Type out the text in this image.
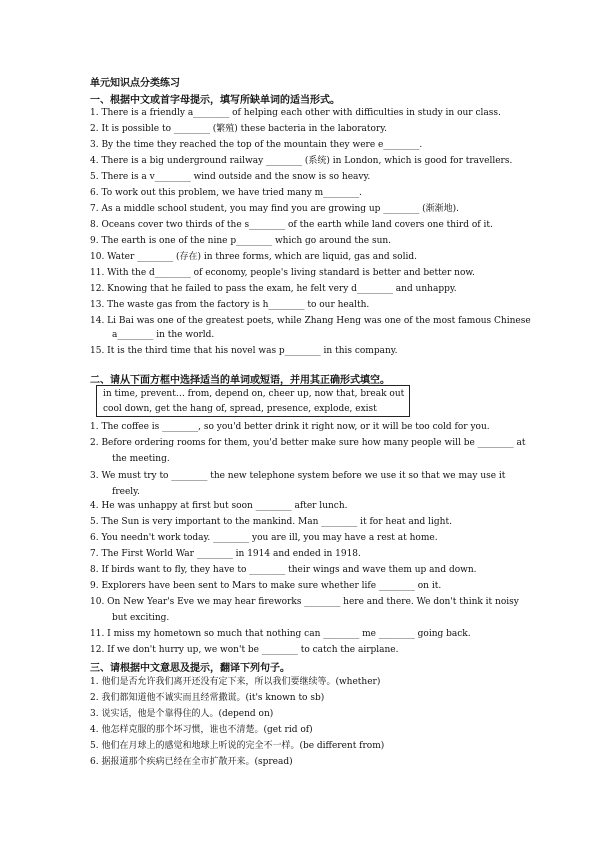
单元知识点分类练习
一、根据中文或首字母提示，填写所缺单词的适当形式。
1. There is a friendly a________ of helping each other with difficulties in study in our class.
2. It is possible to ________ (繁殖) these bacteria in the laboratory.
3. By the time they reached the top of the mountain they were e________.
4. There is a big underground railway ________ (系统) in London, which is good for travellers.
5. There is a v________ wind outside and the snow is so heavy.
6. To work out this problem, we have tried many m________.
7. As a middle school student, you may find you are growing up ________ (渐渐地).
8. Oceans cover two thirds of the s________ of the earth while land covers one third of it.
9. The earth is one of the nine p________ which go around the sun.
10. Water ________ (存在) in three forms, which are liquid, gas and solid.
11. With the d________ of economy, people's living standard is better and better now.
12. Knowing that he failed to pass the exam, he felt very d________ and unhappy.
13. The waste gas from the factory is h________ to our health.
14. Li Bai was one of the greatest poets, while Zhang Heng was one of the most famous Chinese
a________ in the world.
15. It is the third time that his novel was p________ in this company.
二、请从下面方框中选择适当的单词或短语，并用其正确形式填空。
in time, prevent… from, depend on, cheer up, now that, break out
cool down, get the hang of, spread, presence, explode, exist
1. The coffee is ________, so you'd better drink it right now, or it will be too cold for you.
2. Before ordering rooms for them, you'd better make sure how many people will be ________ at
the meeting.
3. We must try to ________ the new telephone system before we use it so that we may use it
freely.
4. He was unhappy at first but soon ________ after lunch.
5. The Sun is very important to the mankind. Man ________ it for heat and light.
6. You needn't work today. ________ you are ill, you may have a rest at home.
7. The First World War ________ in 1914 and ended in 1918.
8. If birds want to fly, they have to ________ their wings and wave them up and down.
9. Explorers have been sent to Mars to make sure whether life ________ on it.
10. On New Year's Eve we may hear fireworks ________ here and there. We don't think it noisy
but exciting.
11. I miss my hometown so much that nothing can ________ me ________ going back.
12. If we don't hurry up, we won't be ________ to catch the airplane.
三、请根据中文意思及提示，翻译下列句子。
1. 他们是否允许我们离开还没有定下来，所以我们要继续等。(whether)
2. 我们都知道他不诚实而且经常撒谎。(it's known to sb)
3. 说实话，他是个靠得住的人。(depend on)
4. 他怎样克服的那个坏习惯，谁也不清楚。(get rid of)
5. 他们在月球上的感觉和地球上听说的完全不一样。(be different from)
6. 据报道那个疾病已经在全市扩散开来。(spread)
